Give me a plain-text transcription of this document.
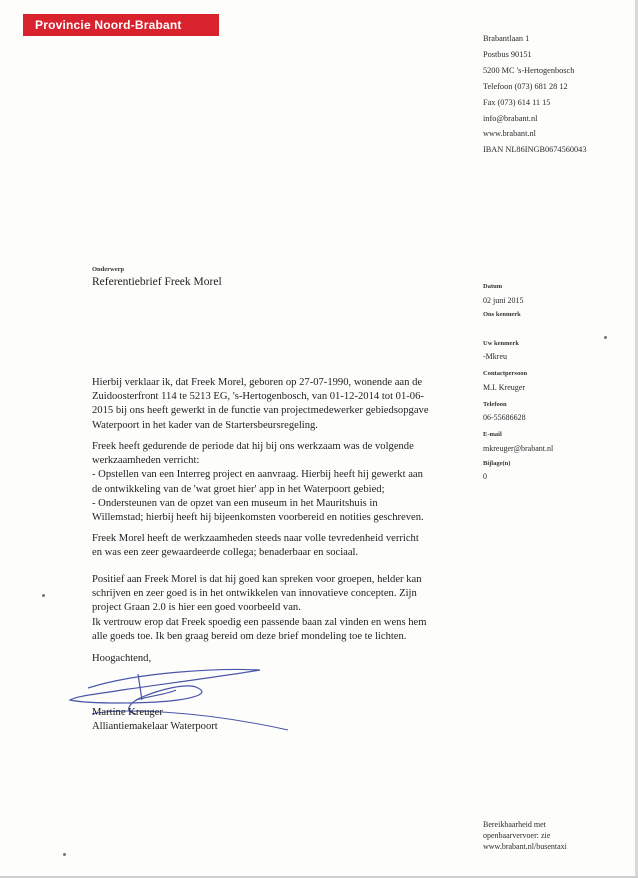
Provincie Noord-Brabant
Brabantlaan 1
Postbus 90151
5200 MC 's-Hertogenbosch
Telefoon (073) 681 28 12
Fax (073) 614 11 15
info@brabant.nl
www.brabant.nl
IBAN NL86INGB0674560043
Onderwerp
Referentiebrief Freek Morel	Datum
02 juni 2015
Ons kenmerk
Uw kenmerk
-Mkreu
Contactpersoon
M.I. Kreuger
Telefoon
06-55686628
E-mail
mkreuger@brabant.nl
Bijlage(n)
0
Hierbij verklaar ik, dat Freek Morel, geboren op 27-07-1990, wonende aan de
Zuidoosterfront 114 te 5213 EG, 's-Hertogenbosch, van 01-12-2014 tot 01-06-
2015 bij ons heeft gewerkt in de functie van projectmedewerker gebiedsopgave
Waterpoort in het kader van de Startersbeursregeling.
Freek heeft gedurende de periode dat hij bij ons werkzaam was de volgende
werkzaamheden verricht:
- Opstellen van een Interreg project en aanvraag. Hierbij heeft hij gewerkt aan
de ontwikkeling van de 'wat groet hier' app in het Waterpoort gebied;
- Ondersteunen van de opzet van een museum in het Mauritshuis in
Willemstad; hierbij heeft hij bijeenkomsten voorbereid en notities geschreven.
Freek Morel heeft de werkzaamheden steeds naar volle tevredenheid verricht
en was een zeer gewaardeerde collega; benaderbaar en sociaal.
Positief aan Freek Morel is dat hij goed kan spreken voor groepen, helder kan
schrijven en zeer goed is in het ontwikkelen van innovatieve concepten. Zijn
project Graan 2.0 is hier een goed voorbeeld van.
Ik vertrouw erop dat Freek spoedig een passende baan zal vinden en wens hem
alle goeds toe. Ik ben graag bereid om deze brief mondeling toe te lichten.
Hoogachtend,
Martine Kreuger
Alliantiemakelaar Waterpoort
Bereikbaarheid met
openbaarvervoer: zie
www.brabant.nl/busentaxi
